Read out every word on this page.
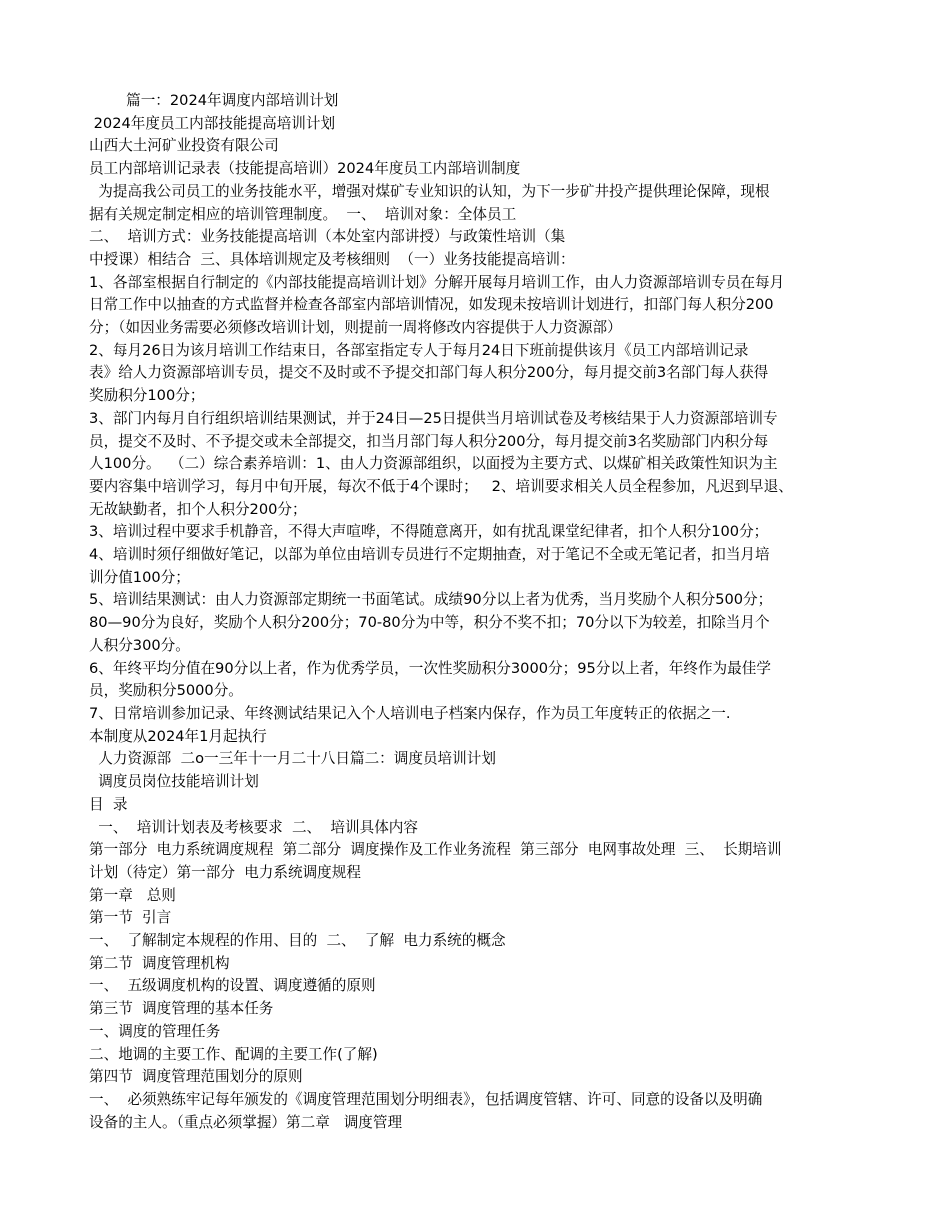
篇一：2024年调度内部培训计划
2024年度员工内部技能提高培训计划
山西大土河矿业投资有限公司
员工内部培训记录表（技能提高培训）2024年度员工内部培训制度
为提高我公司员工的业务技能水平，增强对煤矿专业知识的认知，为下一步矿井投产提供理论保障，现根
据有关规定制定相应的培训管理制度。  一、  培训对象：全体员工
二、  培训方式：业务技能提高培训（本处室内部讲授）与政策性培训（集
中授课）相结合  三、具体培训规定及考核细则  （一）业务技能提高培训：
1、各部室根据自行制定的《内部技能提高培训计划》分解开展每月培训工作，由人力资源部培训专员在每月
日常工作中以抽查的方式监督并检查各部室内部培训情况，如发现未按培训计划进行，扣部门每人积分200
分；（如因业务需要必须修改培训计划，则提前一周将修改内容提供于人力资源部）
2、每月26日为该月培训工作结束日，各部室指定专人于每月24日下班前提供该月《员工内部培训记录
表》给人力资源部培训专员，提交不及时或不予提交扣部门每人积分200分，每月提交前3名部门每人获得
奖励积分100分；
3、部门内每月自行组织培训结果测试，并于24日—25日提供当月培训试卷及考核结果于人力资源部培训专
员，提交不及时、不予提交或未全部提交，扣当月部门每人积分200分，每月提交前3名奖励部门内积分每
人100分。  （二）综合素养培训：1、由人力资源部组织，以面授为主要方式、以煤矿相关政策性知识为主
要内容集中培训学习，每月中旬开展，每次不低于4个课时；   2、培训要求相关人员全程参加，凡迟到早退、
无故缺勤者，扣个人积分200分；
3、培训过程中要求手机静音，不得大声喧哗，不得随意离开，如有扰乱课堂纪律者，扣个人积分100分；
4、培训时须仔细做好笔记，以部为单位由培训专员进行不定期抽查，对于笔记不全或无笔记者，扣当月培
训分值100分；
5、培训结果测试：由人力资源部定期统一书面笔试。成绩90分以上者为优秀，当月奖励个人积分500分；
80—90分为良好，奖励个人积分200分；70-80分为中等，积分不奖不扣；70分以下为较差，扣除当月个
人积分300分。
6、年终平均分值在90分以上者，作为优秀学员，一次性奖励积分3000分；95分以上者，年终作为最佳学
员，奖励积分5000分。
7、日常培训参加记录、年终测试结果记入个人培训电子档案内保存，作为员工年度转正的依据之一.
本制度从2024年1月起执行
人力资源部  二o一三年十一月二十八日篇二：调度员培训计划
调度员岗位技能培训计划
目  录
一、  培训计划表及考核要求  二、  培训具体内容
第一部分  电力系统调度规程  第二部分  调度操作及工作业务流程  第三部分  电网事故处理  三、  长期培训
计划（待定）第一部分  电力系统调度规程
第一章   总则
第一节  引言
一、  了解制定本规程的作用、目的  二、  了解  电力系统的概念
第二节  调度管理机构
一、  五级调度机构的设置、调度遵循的原则
第三节  调度管理的基本任务
一、调度的管理任务
二、地调的主要工作、配调的主要工作(了解)
第四节  调度管理范围划分的原则
一、  必须熟练牢记每年颁发的《调度管理范围划分明细表》，包括调度管辖、许可、同意的设备以及明确
设备的主人。（重点必须掌握）第二章   调度管理
